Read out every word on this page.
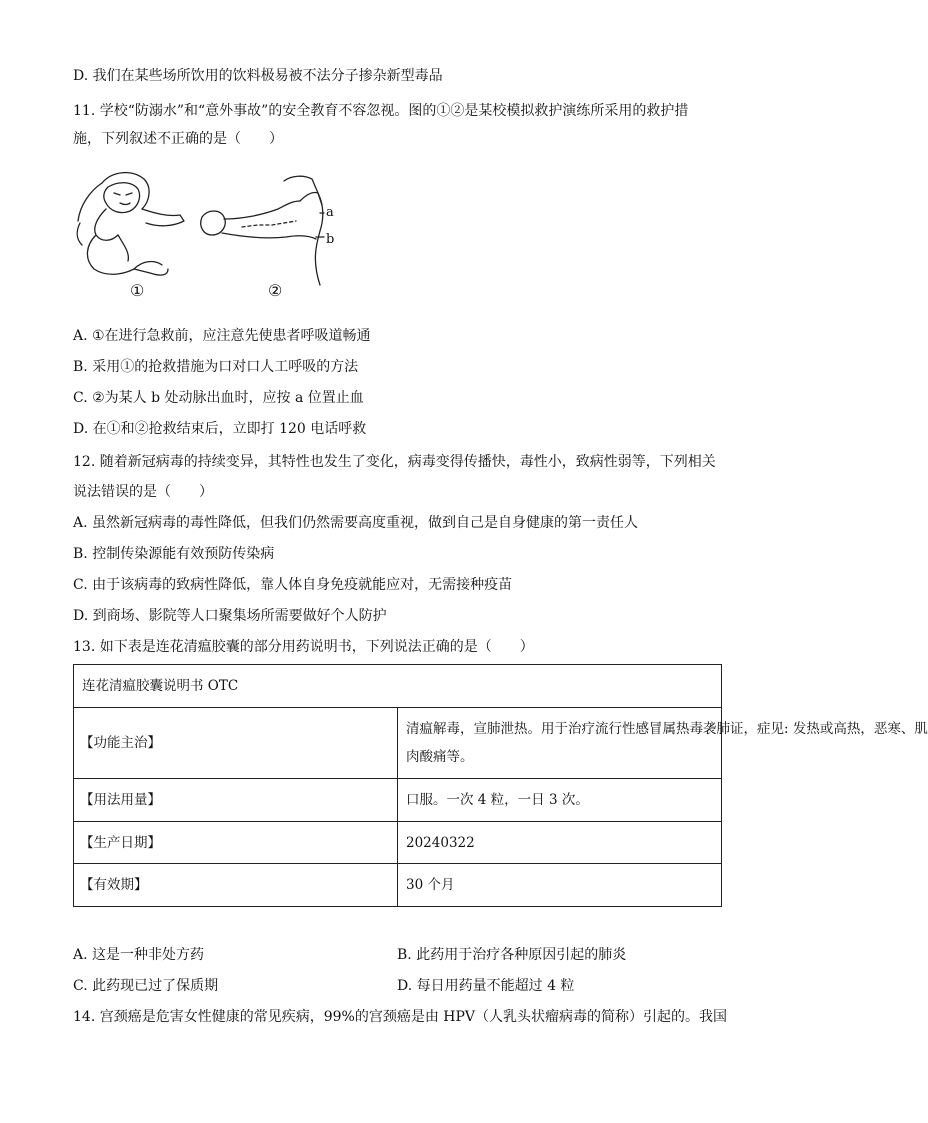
D. 我们在某些场所饮用的饮料极易被不法分子掺杂新型毒品
11. 学校“防溺水”和“意外事故”的安全教育不容忽视。图的①②是某校模拟救护演练所采用的救护措
施，下列叙述不正确的是（　　）
a
b
①	②
A. ①在进行急救前，应注意先使患者呼吸道畅通
B. 采用①的抢救措施为口对口人工呼吸的方法
C. ②为某人 b 处动脉出血时，应按 a 位置止血
D. 在①和②抢救结束后，立即打 120 电话呼救
12. 随着新冠病毒的持续变异，其特性也发生了变化，病毒变得传播快，毒性小，致病性弱等，下列相关
说法错误的是（　　）
A. 虽然新冠病毒的毒性降低，但我们仍然需要高度重视，做到自己是自身健康的第一责任人
B. 控制传染源能有效预防传染病
C. 由于该病毒的致病性降低，靠人体自身免疫就能应对，无需接种疫苗
D. 到商场、影院等人口聚集场所需要做好个人防护
13. 如下表是连花清瘟胶囊的部分用药说明书，下列说法正确的是（　　）
连花清瘟胶囊说明书 OTC	
【功能主治】	清瘟解毒，宣肺泄热。用于治疗流行性感冒属热毒袭肺证，症见: 发热或高热，恶寒、肌
肉酸痛等。

【用法用量】	口服。一次 4 粒，一日 3 次。
【生产日期】	20240322
【有效期】	30 个月
A. 这是一种非处方药	B. 此药用于治疗各种原因引起的肺炎
C. 此药现已过了保质期	D. 每日用药量不能超过 4 粒
14. 宫颈癌是危害女性健康的常见疾病，99%的宫颈癌是由 HPV（人乳头状瘤病毒的简称）引起的。我国
